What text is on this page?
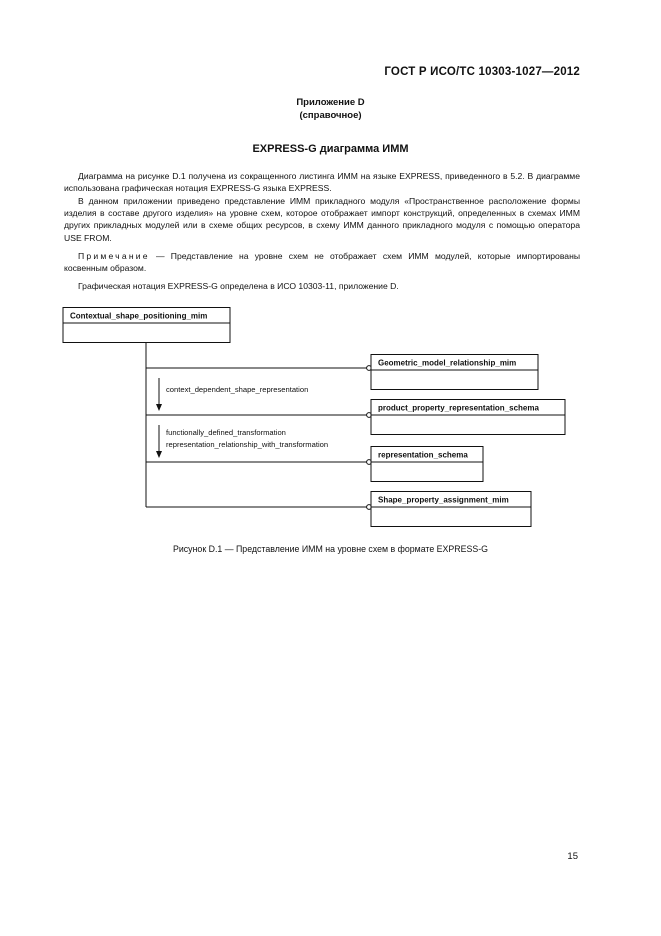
ГОСТ Р ИСО/ТС 10303-1027—2012
Приложение D
(справочное)
EXPRESS-G диаграмма ИММ
Диаграмма на рисунке D.1 получена из сокращенного листинга ИММ на языке EXPRESS, приведенного в 5.2. В диаграмме использована графическая нотация EXPRESS-G языка EXPRESS.
В данном приложении приведено представление ИММ прикладного модуля «Пространственное расположение формы изделия в составе другого изделия» на уровне схем, которое отображает импорт конструкций, определенных в схемах ИММ других прикладных модулей или в схеме общих ресурсов, в схему ИММ данного прикладного модуля с помощью оператора USE FROM.
Примечание — Представление на уровне схем не отображает схем ИММ модулей, которые импортированы косвенным образом.
Графическая нотация EXPRESS-G определена в ИСО 10303-11, приложение D.
Contextual_shape_positioning_mim
Geometric_model_relationship_mim
product_property_representation_schema
representation_schema
Shape_property_assignment_mim
context_dependent_shape_representation
functionally_defined_transformation
representation_relationship_with_transformation
Рисунок D.1 — Представление ИММ на уровне схем в формате EXPRESS-G
15
